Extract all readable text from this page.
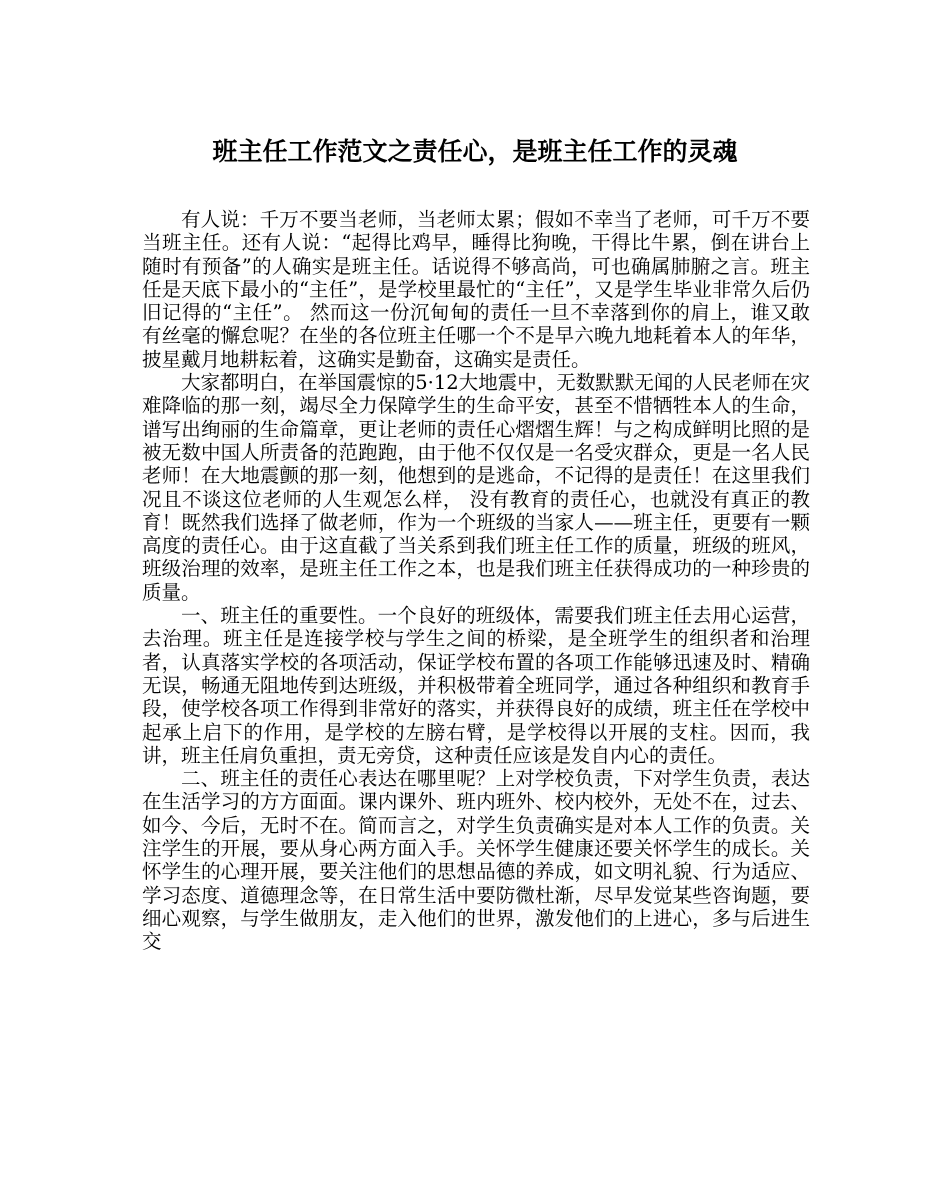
班主任工作范文之责任心，是班主任工作的灵魂

有人说：千万不要当老师，当老师太累；假如不幸当了老师，可千万不要当班主任。还有人说：“起得比鸡早，睡得比狗晚，干得比牛累，倒在讲台上随时有预备”的人确实是班主任。话说得不够高尚，可也确属肺腑之言。班主任是天底下最小的“主任”，是学校里最忙的“主任”，又是学生毕业非常久后仍旧记得的“主任”。 然而这一份沉甸甸的责任一旦不幸落到你的肩上，谁又敢有丝毫的懈怠呢？在坐的各位班主任哪一个不是早六晚九地耗着本人的年华，披星戴月地耕耘着，这确实是勤奋，这确实是责任。

大家都明白，在举国震惊的5·12大地震中，无数默默无闻的人民老师在灾难降临的那一刻，竭尽全力保障学生的生命平安，甚至不惜牺牲本人的生命，谱写出绚丽的生命篇章，更让老师的责任心熠熠生辉！与之构成鲜明比照的是被无数中国人所责备的范跑跑，由于他不仅仅是一名受灾群众，更是一名人民老师！在大地震颤的那一刻，他想到的是逃命，不记得的是责任！在这里我们况且不谈这位老师的人生观怎么样， 没有教育的责任心，也就没有真正的教育！既然我们选择了做老师，作为一个班级的当家人——班主任，更要有一颗高度的责任心。由于这直截了当关系到我们班主任工作的质量，班级的班风，班级治理的效率，是班主任工作之本，也是我们班主任获得成功的一种珍贵的质量。

一、班主任的重要性。一个良好的班级体，需要我们班主任去用心运营，去治理。班主任是连接学校与学生之间的桥梁，是全班学生的组织者和治理者，认真落实学校的各项活动，保证学校布置的各项工作能够迅速及时、精确无误，畅通无阻地传到达班级，并积极带着全班同学，通过各种组织和教育手段，使学校各项工作得到非常好的落实，并获得良好的成绩，班主任在学校中起承上启下的作用，是学校的左膀右臂，是学校得以开展的支柱。因而，我讲，班主任肩负重担，责无旁贷，这种责任应该是发自内心的责任。

二、班主任的责任心表达在哪里呢？上对学校负责，下对学生负责，表达在生活学习的方方面面。课内课外、班内班外、校内校外，无处不在，过去、如今、今后，无时不在。简而言之，对学生负责确实是对本人工作的负责。关注学生的开展，要从身心两方面入手。关怀学生健康还要关怀学生的成长。关怀学生的心理开展，要关注他们的思想品德的养成，如文明礼貌、行为适应、学习态度、道德理念等，在日常生活中要防微杜渐，尽早发觉某些咨询题，要细心观察，与学生做朋友，走入他们的世界，激发他们的上进心，多与后进生交
